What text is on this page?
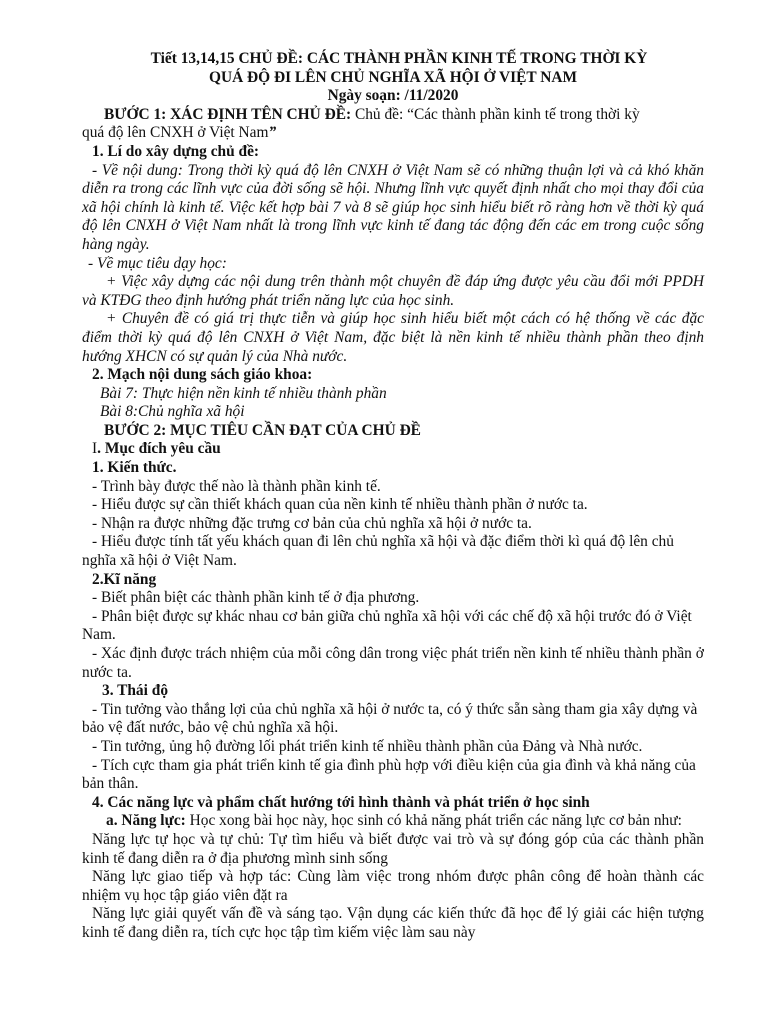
Tiết 13,14,15 CHỦ ĐỀ: CÁC THÀNH PHẦN KINH TẾ TRONG THỜI KỲ

QUÁ ĐỘ ĐI LÊN CHỦ NGHĨA XÃ HỘI Ở VIỆT NAM

Ngày soạn: /11/2020

BƯỚC 1: XÁC ĐỊNH TÊN CHỦ ĐỀ: Chủ đề: “Các thành phần kinh tế trong thời kỳ

quá độ lên CNXH ở Việt Nam”

1. Lí do xây dựng chủ đề:

- Về nội dung: Trong thời kỳ quá độ lên CNXH ở Việt Nam sẽ có những thuận lợi và cả khó khăn diễn ra trong các lĩnh vực của đời sống sẽ hội. Nhưng lĩnh vực quyết định nhất cho mọi thay đổi của xã hội chính là kinh tế. Việc kết hợp bài 7 và 8 sẽ giúp học sinh hiểu biết rõ ràng hơn về thời kỳ quá độ lên CNXH ở Việt Nam nhất là trong lĩnh vực kinh tế đang tác động đến các em trong cuộc sống hàng ngày.

- Về mục tiêu dạy học:

+ Việc xây dựng các nội dung trên thành một chuyên đề đáp ứng được yêu cầu đổi mới PPDH và KTĐG theo định hướng phát triển năng lực của học sinh.

+ Chuyên đề có giá trị thực tiễn và giúp học sinh hiểu biết một cách có hệ thống về các đặc điểm thời kỳ quá độ lên CNXH ở Việt Nam, đặc biệt là nền kinh tế nhiều thành phần theo định hướng XHCN có sự quản lý của Nhà nước.

2. Mạch nội dung sách giáo khoa:

Bài 7: Thực hiện nền kinh tế nhiều thành phần

Bài 8:Chủ nghĩa xã hội

BƯỚC 2: MỤC TIÊU CẦN ĐẠT CỦA CHỦ ĐỀ

I. Mục đích yêu cầu

1. Kiến thức.

- Trình bày được thế nào là thành phần kinh tế.

- Hiểu được sự cần thiết khách quan của nền kinh tế nhiều thành phần ở nước ta.

- Nhận ra được những đặc trưng cơ bản của chủ nghĩa xã hội ở nước ta.

- Hiểu được tính tất yếu khách quan đi lên chủ nghĩa xã hội và đặc điểm thời kì quá độ lên chủ nghĩa xã hội ở Việt Nam.

2.Kĩ năng

- Biết phân biệt các thành phần kinh tế ở địa phương.

- Phân biệt được sự khác nhau cơ bản giữa chủ nghĩa xã hội với các chế độ xã hội trước đó ở Việt Nam.

- Xác định được trách nhiệm của mỗi công dân trong việc phát triển nền kinh tế nhiều thành phần ở nước ta.

3. Thái độ

- Tin tưởng vào thắng lợi của chủ nghĩa xã hội ở nước ta, có ý thức sẵn sàng tham gia xây dựng và bảo vệ đất nước, bảo vệ chủ nghĩa xã hội.

- Tin tưởng, ủng hộ đường lối phát triển kinh tế nhiều thành phần của Đảng và Nhà nước.

- Tích cực tham gia phát triển kinh tế gia đình phù hợp với điều kiện của gia đình và khả năng của bản thân.

4. Các năng lực và phẩm chất hướng tới hình thành và phát triển ở học sinh

a. Năng lực: Học xong bài học này, học sinh có khả năng phát triển các năng lực cơ bản như:

Năng lực tự học và tự chủ: Tự tìm hiểu và biết được vai trò và sự đóng góp của các thành phần kinh tế đang diễn ra ở địa phương mình sinh sống

Năng lực giao tiếp và hợp tác: Cùng làm việc trong nhóm được phân công để hoàn thành các nhiệm vụ học tập giáo viên đặt ra

Năng lực giải quyết vấn đề và sáng tạo. Vận dụng các kiến thức đã học để lý giải các hiện tượng kinh tế đang diễn ra, tích cực học tập tìm kiếm việc làm sau này
